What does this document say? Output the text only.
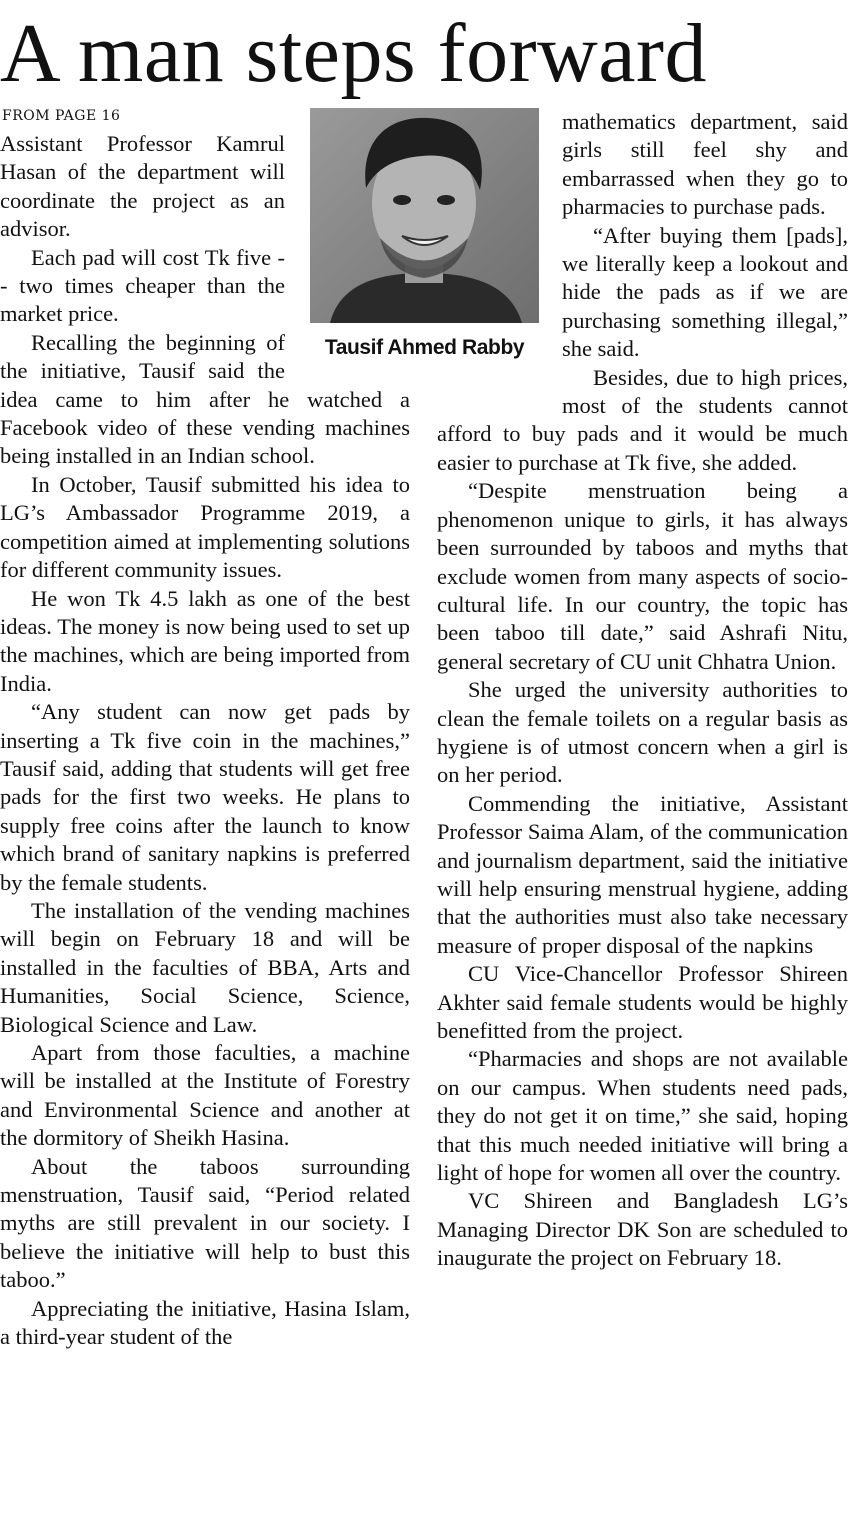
A man steps forward
FROM PAGE 16
Tausif Ahmed Rabby

Assistant Professor Kamrul Hasan of the department will coordinate the project as an advisor.

Each pad will cost Tk five -- two times cheaper than the market price.

Recalling the beginning of the initiative, Tausif said the idea came to him after he watched a Facebook video of these vending machines being installed in an Indian school.

In October, Tausif submitted his idea to LG’s Ambassador Programme 2019, a competition aimed at implementing solutions for different community issues.

He won Tk 4.5 lakh as one of the best ideas. The money is now being used to set up the machines, which are being imported from India.

“Any student can now get pads by inserting a Tk five coin in the machines,” Tausif said, adding that students will get free pads for the first two weeks. He plans to supply free coins after the launch to know which brand of sanitary napkins is preferred by the female students.

The installation of the vending machines will begin on February 18 and will be installed in the faculties of BBA, Arts and Humanities, Social Science, Science, Biological Science and Law.

Apart from those faculties, a machine will be installed at the Institute of Forestry and Environmental Science and another at the dormitory of Sheikh Hasina.

About the taboos surrounding menstruation, Tausif said, “Period related myths are still prevalent in our society. I believe the initiative will help to bust this taboo.”

Appreciating the initiative, Hasina Islam, a third-year student of the

mathematics department, said girls still feel shy and embarrassed when they go to pharmacies to purchase pads.

“After buying them [pads], we literally keep a lookout and hide the pads as if we are purchasing something illegal,” she said.

Besides, due to high prices, most of the students cannot afford to buy pads and it would be much easier to purchase at Tk five, she added.

“Despite menstruation being a phenomenon unique to girls, it has always been surrounded by taboos and myths that exclude women from many aspects of socio-cultural life. In our country, the topic has been taboo till date,” said Ashrafi Nitu, general secretary of CU unit Chhatra Union.

She urged the university authorities to clean the female toilets on a regular basis as hygiene is of utmost concern when a girl is on her period.

Commending the initiative, Assistant Professor Saima Alam, of the communication and journalism department, said the initiative will help ensuring menstrual hygiene, adding that the authorities must also take necessary measure of proper disposal of the napkins

CU Vice-Chancellor Professor Shireen Akhter said female students would be highly benefitted from the project.

“Pharmacies and shops are not available on our campus. When students need pads, they do not get it on time,” she said, hoping that this much needed initiative will bring a light of hope for women all over the country.

VC Shireen and Bangladesh LG’s Managing Director DK Son are scheduled to inaugurate the project on February 18.
